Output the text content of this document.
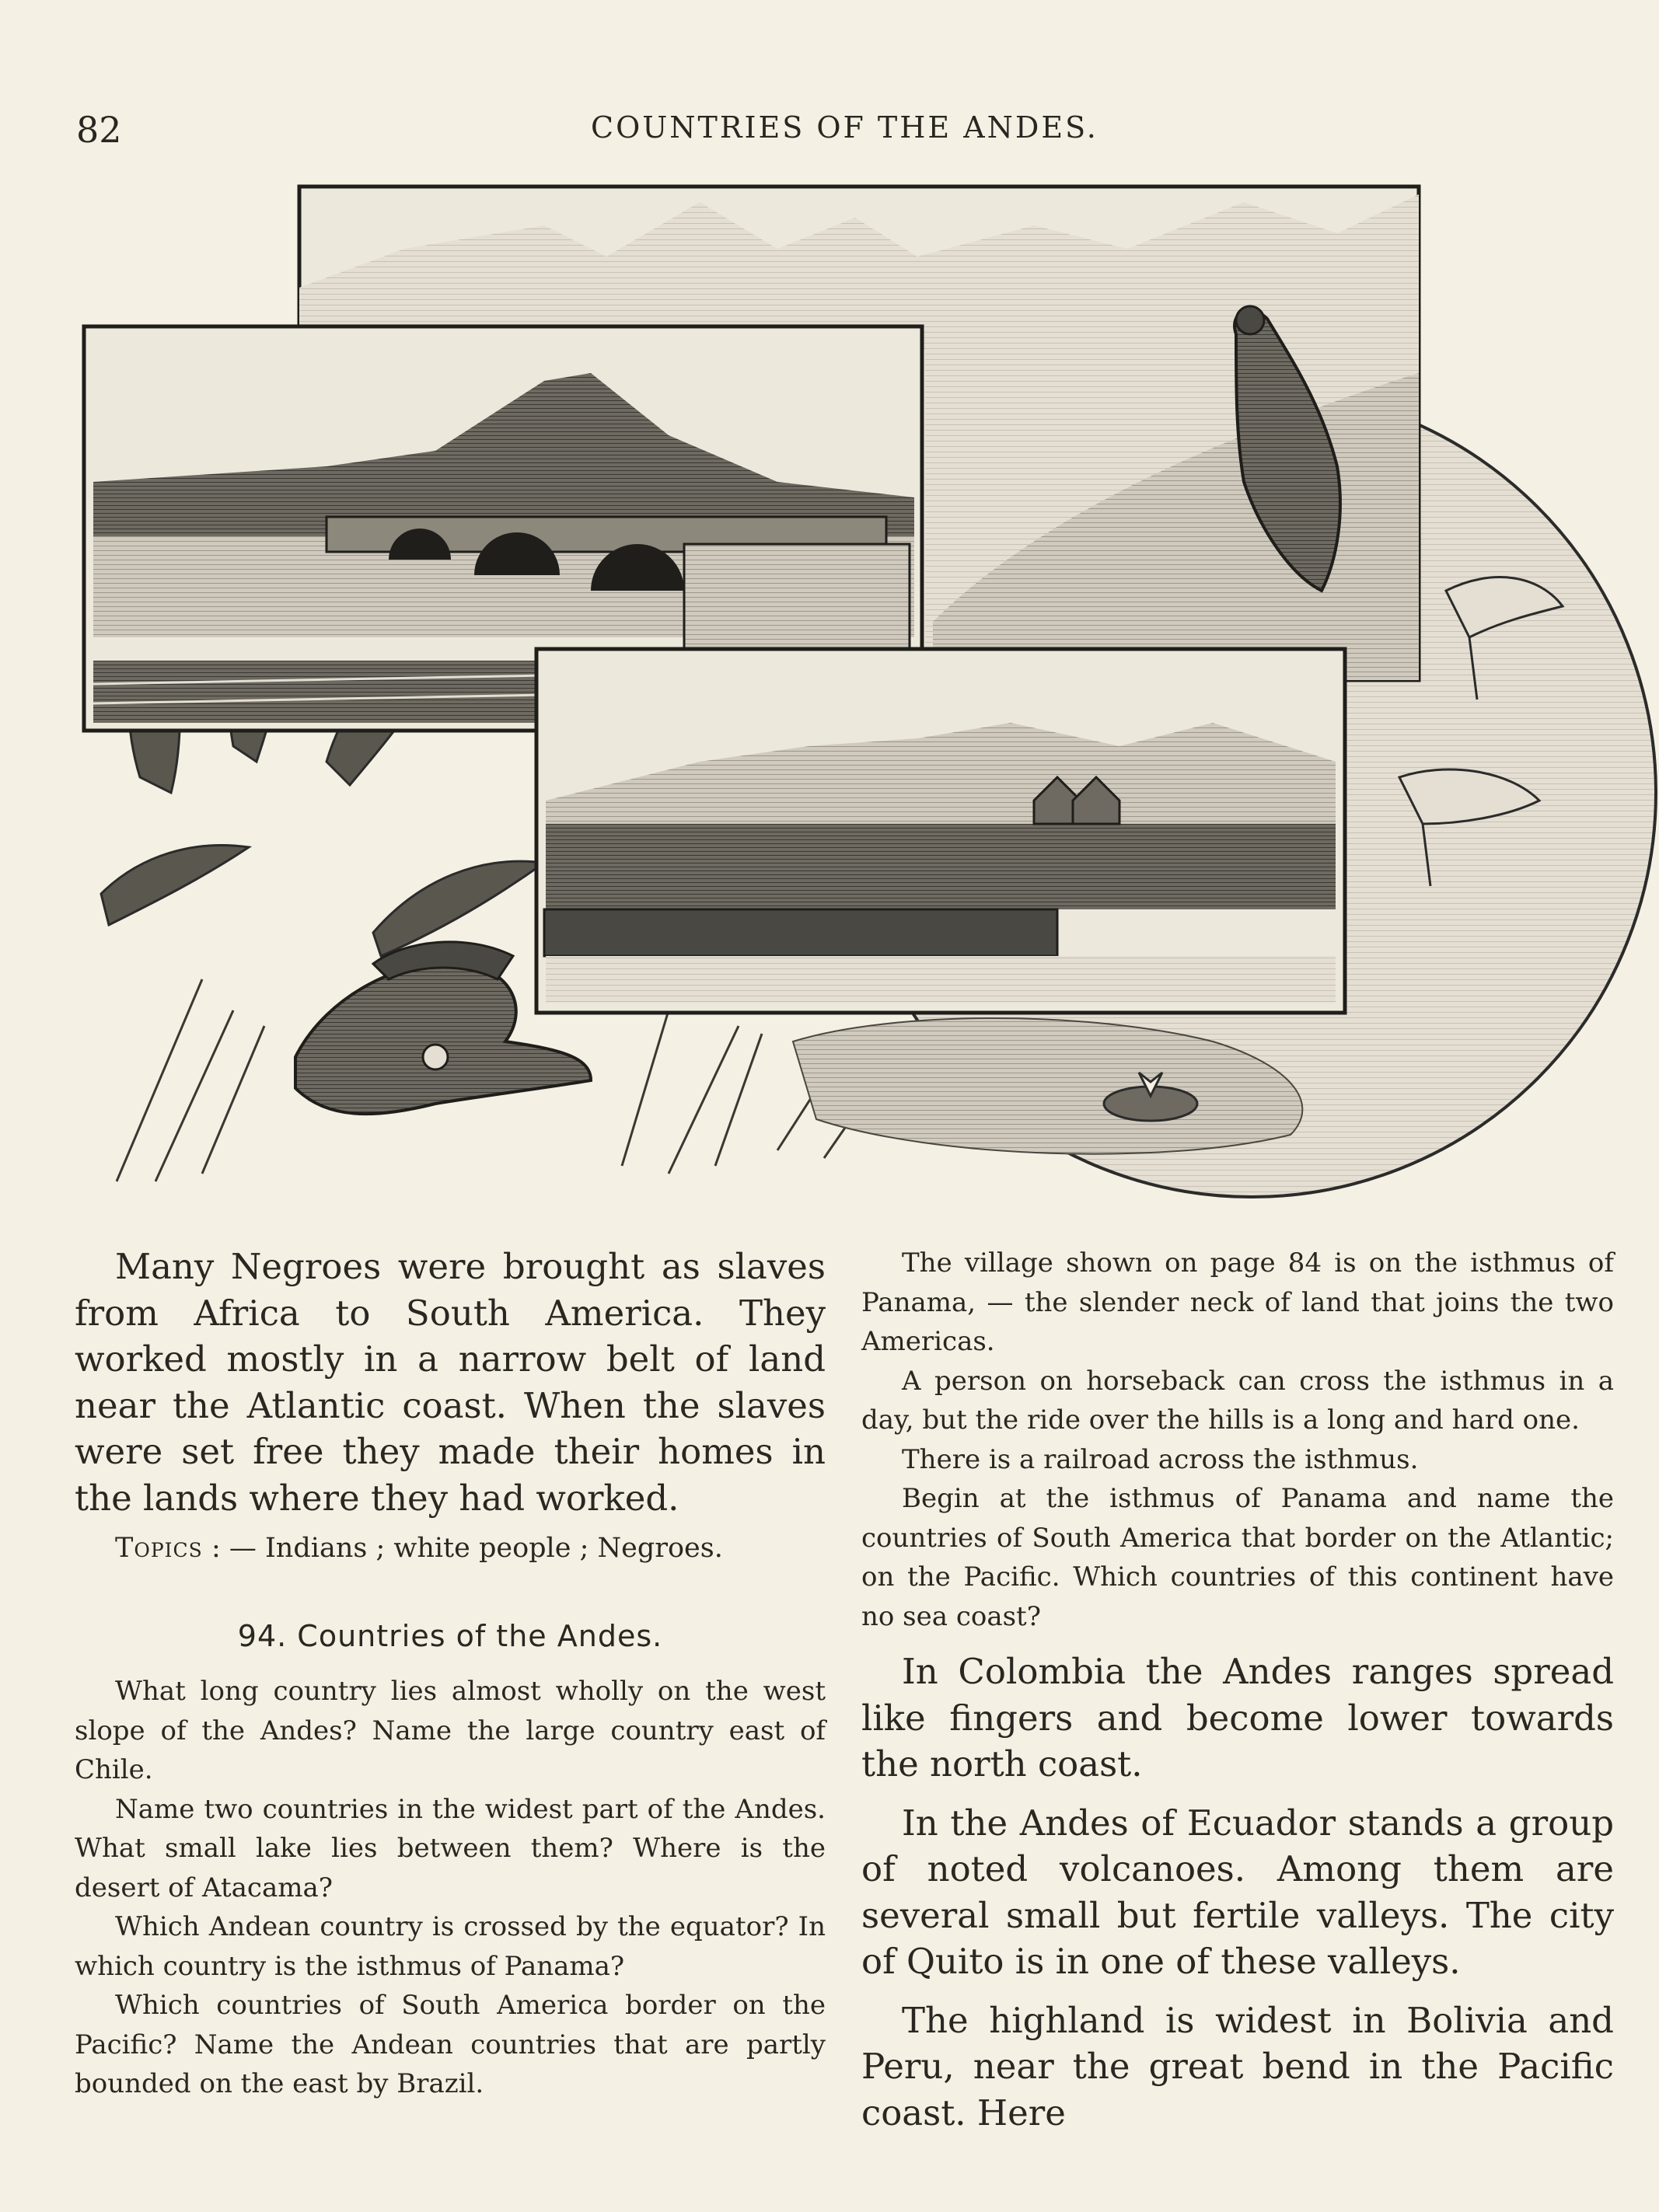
82	COUNTRIES OF THE ANDES.

Many Negroes were brought as slaves from Africa to South America. They worked mostly in a narrow belt of land near the Atlantic coast. When the slaves were set free they made their homes in the lands where they had worked.

Topics : — Indians ; white people ; Negroes.

94. Countries of the Andes.

What long country lies almost wholly on the west slope of the Andes? Name the large country east of Chile.

Name two countries in the widest part of the Andes. What small lake lies between them? Where is the desert of Atacama?

Which Andean country is crossed by the equator? In which country is the isthmus of Panama?

Which countries of South America border on the Pacific? Name the Andean countries that are partly bounded on the east by Brazil.

The village shown on page 84 is on the isthmus of Panama, — the slender neck of land that joins the two Americas.

A person on horseback can cross the isthmus in a day, but the ride over the hills is a long and hard one.

There is a railroad across the isthmus.

Begin at the isthmus of Panama and name the countries of South America that border on the Atlantic; on the Pacific. Which countries of this continent have no sea coast?

In Colombia the Andes ranges spread like fingers and become lower towards the north coast.

In the Andes of Ecuador stands a group of noted volcanoes. Among them are several small but fertile valleys. The city of Quito is in one of these valleys.

The highland is widest in Bolivia and Peru, near the great bend in the Pacific coast. Here
